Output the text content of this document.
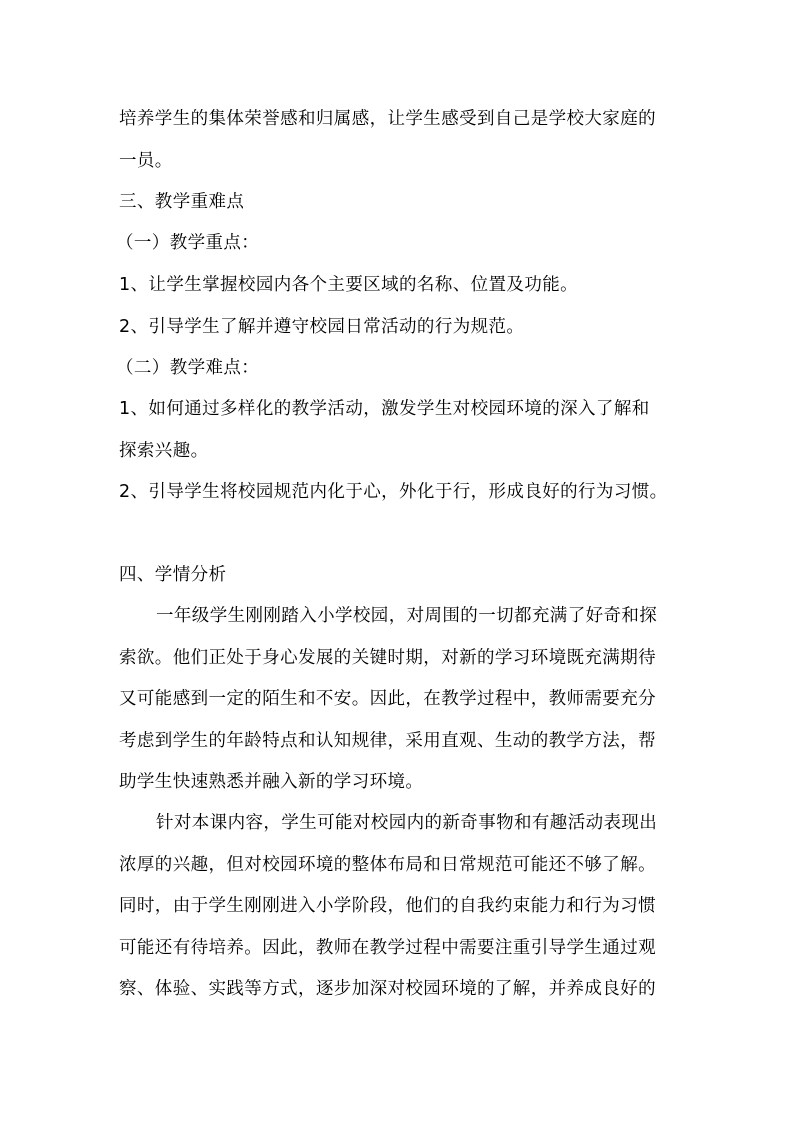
培养学生的集体荣誉感和归属感，让学生感受到自己是学校大家庭的
一员。
三、教学重难点
（一）教学重点：
1、让学生掌握校园内各个主要区域的名称、位置及功能。
2、引导学生了解并遵守校园日常活动的行为规范。
（二）教学难点：
1、如何通过多样化的教学活动，激发学生对校园环境的深入了解和
探索兴趣。
2、引导学生将校园规范内化于心，外化于行，形成良好的行为习惯。
四、学情分析
一年级学生刚刚踏入小学校园，对周围的一切都充满了好奇和探
索欲。他们正处于身心发展的关键时期，对新的学习环境既充满期待
又可能感到一定的陌生和不安。因此，在教学过程中，教师需要充分
考虑到学生的年龄特点和认知规律，采用直观、生动的教学方法，帮
助学生快速熟悉并融入新的学习环境。
针对本课内容，学生可能对校园内的新奇事物和有趣活动表现出
浓厚的兴趣，但对校园环境的整体布局和日常规范可能还不够了解。
同时，由于学生刚刚进入小学阶段，他们的自我约束能力和行为习惯
可能还有待培养。因此，教师在教学过程中需要注重引导学生通过观
察、体验、实践等方式，逐步加深对校园环境的了解，并养成良好的
